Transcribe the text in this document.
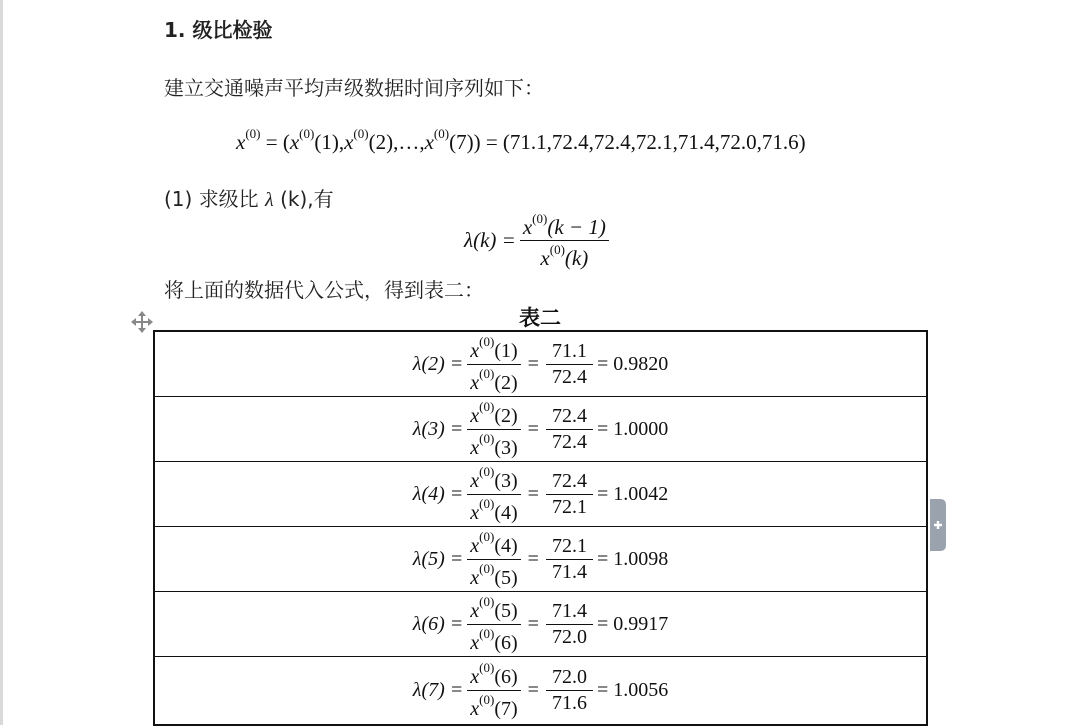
1. 级比检验
建立交通噪声平均声级数据时间序列如下：
$x^{(0)}$ = $(x^{(0)}(1),x^{(0)}(2),\dots,x^{(0)}(7)) = (71.1,72.4,72.4,72.1,71.4,72.0,71.6)$
(1) 求级比 λ (k),有
$\lambda(k) = \frac{x^{(0)}(k - 1)}{x^{(0)}(k)}$
将上面的数据代入公式，得到表二：
表二
$\lambda(2) = \frac{x^{(0)}(1)}{x^{(0)}(2)} = \frac{71.1}{72.4} = 0.9820$
$\lambda(3) = \frac{x^{(0)}(2)}{x^{(0)}(3)} = \frac{72.4}{72.4} = 1.0000$
$\lambda(4) = \frac{x^{(0)}(3)}{x^{(0)}(4)} = \frac{72.4}{72.1} = 1.0042$
$\lambda(5) = \frac{x^{(0)}(4)}{x^{(0)}(5)} = \frac{72.1}{71.4} = 1.0098$
$\lambda(6) = \frac{x^{(0)}(5)}{x^{(0)}(6)} = \frac{71.4}{72.0} = 0.9917$
$\lambda(7) = \frac{x^{(0)}(6)}{x^{(0)}(7)} = \frac{72.0}{71.6} = 1.0056$
